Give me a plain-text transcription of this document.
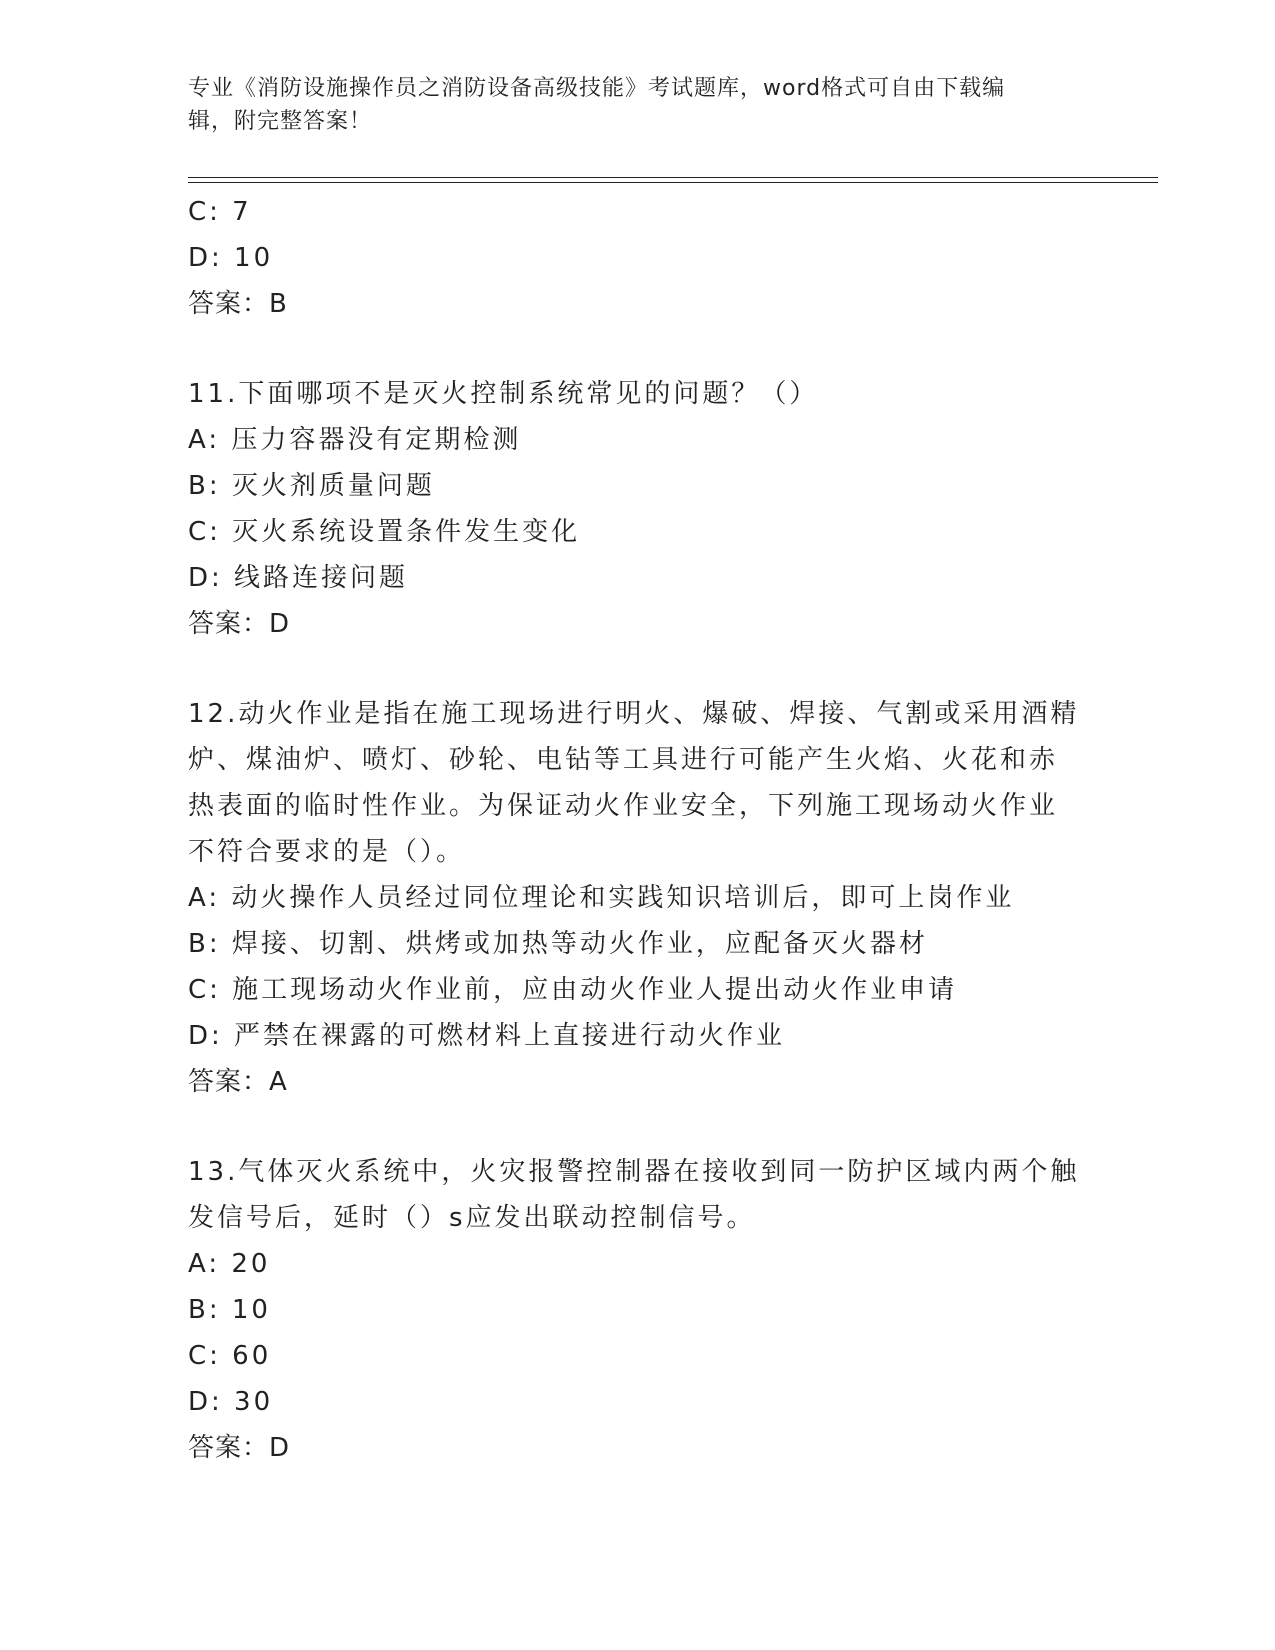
专业《消防设施操作员之消防设备高级技能》考试题库，word格式可自由下载编
辑，附完整答案！
C: 7
D: 10
答案：B
11.下面哪项不是灭火控制系统常见的问题？（）
A: 压力容器没有定期检测
B: 灭火剂质量问题
C: 灭火系统设置条件发生变化
D: 线路连接问题
答案：D
12.动火作业是指在施工现场进行明火、爆破、焊接、气割或采用酒精
炉、煤油炉、喷灯、砂轮、电钻等工具进行可能产生火焰、火花和赤
热表面的临时性作业。为保证动火作业安全，下列施工现场动火作业
不符合要求的是（）。
A: 动火操作人员经过同位理论和实践知识培训后，即可上岗作业
B: 焊接、切割、烘烤或加热等动火作业，应配备灭火器材
C: 施工现场动火作业前，应由动火作业人提出动火作业申请
D: 严禁在裸露的可燃材料上直接进行动火作业
答案：A
13.气体灭火系统中，火灾报警控制器在接收到同一防护区域内两个触
发信号后，延时（）s应发出联动控制信号。
A: 20
B: 10
C: 60
D: 30
答案：D
